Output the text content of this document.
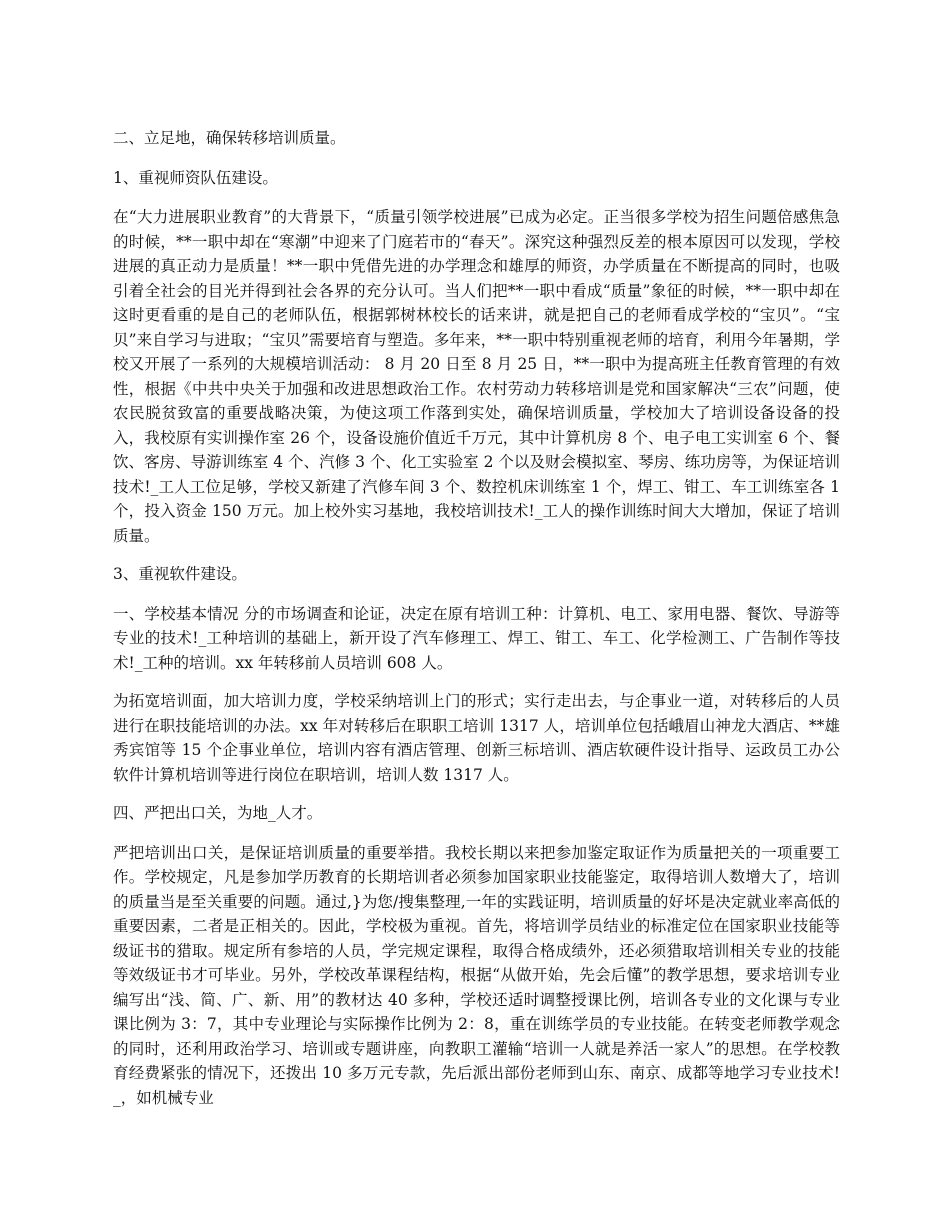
二、立足地，确保转移培训质量。

1、重视师资队伍建设。

在“大力进展职业教育”的大背景下，“质量引领学校进展”已成为必定。正当很多学校为招生问题倍感焦急的时候，**一职中却在“寒潮”中迎来了门庭若市的“春天”。深究这种强烈反差的根本原因可以发现，学校进展的真正动力是质量！**一职中凭借先进的办学理念和雄厚的师资，办学质量在不断提高的同时，也吸引着全社会的目光并得到社会各界的充分认可。当人们把**一职中看成“质量”象征的时候，**一职中却在这时更看重的是自己的老师队伍，根据郭树林校长的话来讲，就是把自己的老师看成学校的“宝贝”。“宝贝”来自学习与进取；“宝贝”需要培育与塑造。多年来，**一职中特别重视老师的培育，利用今年暑期，学校又开展了一系列的大规模培训活动： 8 月 20 日至 8 月 25 日，**一职中为提高班主任教育管理的有效性，根据《中共中央关于加强和改进思想政治工作。农村劳动力转移培训是党和国家解决“三农”问题，使农民脱贫致富的重要战略决策，为使这项工作落到实处，确保培训质量，学校加大了培训设备设备的投入，我校原有实训操作室 26 个，设备设施价值近千万元，其中计算机房 8 个、电子电工实训室 6 个、餐饮、客房、导游训练室 4 个、汽修 3 个、化工实验室 2 个以及财会模拟室、琴房、练功房等，为保证培训技术!_工人工位足够，学校又新建了汽修车间 3 个、数控机床训练室 1 个，焊工、钳工、车工训练室各 1 个，投入资金 150 万元。加上校外实习基地，我校培训技术!_工人的操作训练时间大大增加，保证了培训质量。

3、重视软件建设。

一、学校基本情况 分的市场调查和论证，决定在原有培训工种：计算机、电工、家用电器、餐饮、导游等专业的技术!_工种培训的基础上，新开设了汽车修理工、焊工、钳工、车工、化学检测工、广告制作等技术!_工种的培训。xx 年转移前人员培训 608 人。

为拓宽培训面，加大培训力度，学校采纳培训上门的形式；实行走出去，与企事业一道，对转移后的人员进行在职技能培训的办法。xx 年对转移后在职职工培训 1317 人，培训单位包括峨眉山神龙大酒店、**雄秀宾馆等 15 个企事业单位，培训内容有酒店管理、创新三标培训、酒店软硬件设计指导、运政员工办公软件计算机培训等进行岗位在职培训，培训人数 1317 人。

四、严把出口关，为地_人才。

严把培训出口关，是保证培训质量的重要举措。我校长期以来把参加鉴定取证作为质量把关的一项重要工作。学校规定，凡是参加学历教育的长期培训者必须参加国家职业技能鉴定，取得培训人数增大了，培训的质量当是至关重要的问题。通过,}为您/搜集整理,一年的实践证明，培训质量的好坏是决定就业率高低的重要因素，二者是正相关的。因此，学校极为重视。首先，将培训学员结业的标准定位在国家职业技能等级证书的猎取。规定所有参培的人员，学完规定课程，取得合格成绩外，还必须猎取培训相关专业的技能等效级证书才可毕业。另外，学校改革课程结构，根据“从做开始，先会后懂”的教学思想，要求培训专业编写出“浅、简、广、新、用”的教材达 40 多种，学校还适时调整授课比例，培训各专业的文化课与专业课比例为 3：7，其中专业理论与实际操作比例为 2：8，重在训练学员的专业技能。在转变老师教学观念的同时，还利用政治学习、培训或专题讲座，向教职工灌输“培训一人就是养活一家人”的思想。在学校教育经费紧张的情况下，还拨出 10 多万元专款，先后派出部份老师到山东、南京、成都等地学习专业技术!_，如机械专业
